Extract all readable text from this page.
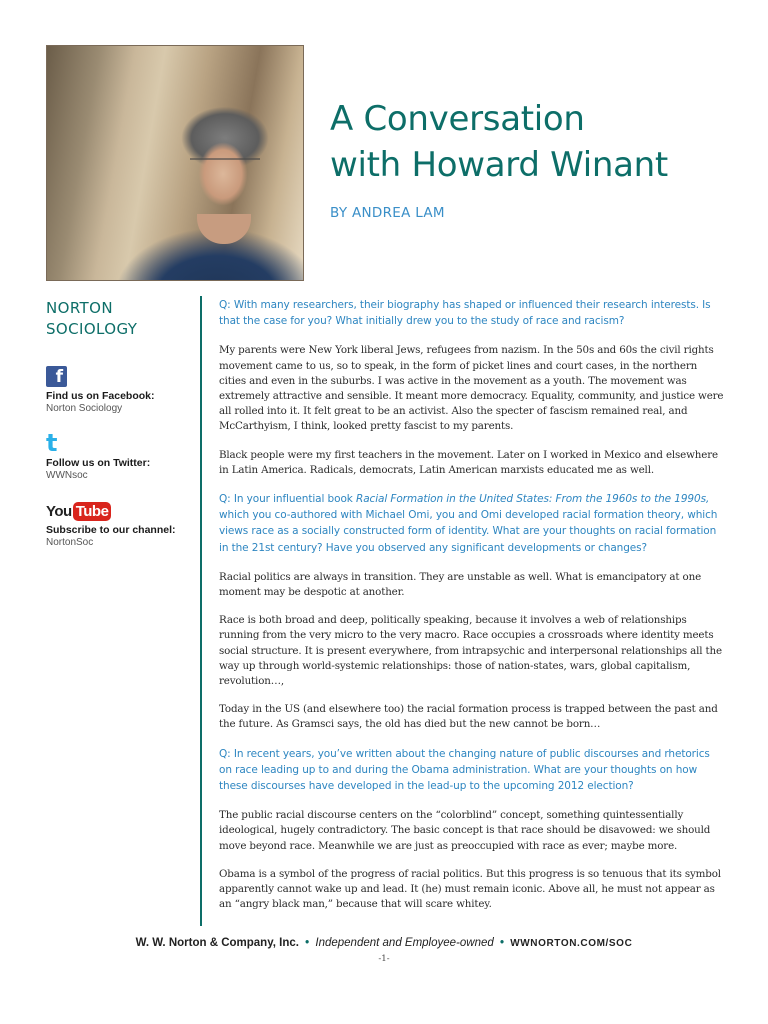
A Conversation
with Howard Winant
BY ANDREA LAM
NORTON
SOCIOLOGY
f
Find us on Facebook:
Norton Sociology
t
Follow us on Twitter:
WWNsoc
You Tube
Subscribe to our channel:
NortonSoc

Q: With many researchers, their biography has shaped or influenced their research interests. Is that the case for you? What initially drew you to the study of race and racism?

My parents were New York liberal Jews, refugees from nazism. In the 50s and 60s the civil rights movement came to us, so to speak, in the form of picket lines and court cases, in the northern cities and even in the suburbs. I was active in the movement as a youth. The movement was extremely attractive and sensible. It meant more democracy. Equality, community, and justice were all rolled into it. It felt great to be an activist. Also the specter of fascism remained real, and McCarthyism, I think, looked pretty fascist to my parents.

Black people were my first teachers in the movement. Later on I worked in Mexico and elsewhere in Latin America. Radicals, democrats, Latin American marxists educated me as well.

Q: In your influential book Racial Formation in the United States: From the 1960s to the 1990s, which you co-authored with Michael Omi, you and Omi developed racial formation theory, which views race as a socially constructed form of identity. What are your thoughts on racial formation in the 21st century? Have you observed any significant developments or changes?

Racial politics are always in transition. They are unstable as well. What is emancipatory at one moment may be despotic at another.

Race is both broad and deep, politically speaking, because it involves a web of relationships running from the very micro to the very macro. Race occupies a crossroads where identity meets social structure. It is present everywhere, from intrapsychic and interpersonal relationships all the way up through world-systemic relationships: those of nation-states, wars, global capitalism, revolution…,

Today in the US (and elsewhere too) the racial formation process is trapped between the past and the future. As Gramsci says, the old has died but the new cannot be born…

Q: In recent years, you’ve written about the changing nature of public discourses and rhetorics on race leading up to and during the Obama administration. What are your thoughts on how these discourses have developed in the lead-up to the upcoming 2012 election?

The public racial discourse centers on the “colorblind” concept, something quintessentially ideological, hugely contradictory. The basic concept is that race should be disavowed: we should move beyond race. Meanwhile we are just as preoccupied with race as ever; maybe more.

Obama is a symbol of the progress of racial politics. But this progress is so tenuous that its symbol apparently cannot wake up and lead. It (he) must remain iconic. Above all, he must not appear as an “angry black man,” because that will scare whitey.

W. W. Norton & Company, Inc. • Independent and Employee-owned • WWNORTON.COM/SOC
-1-
